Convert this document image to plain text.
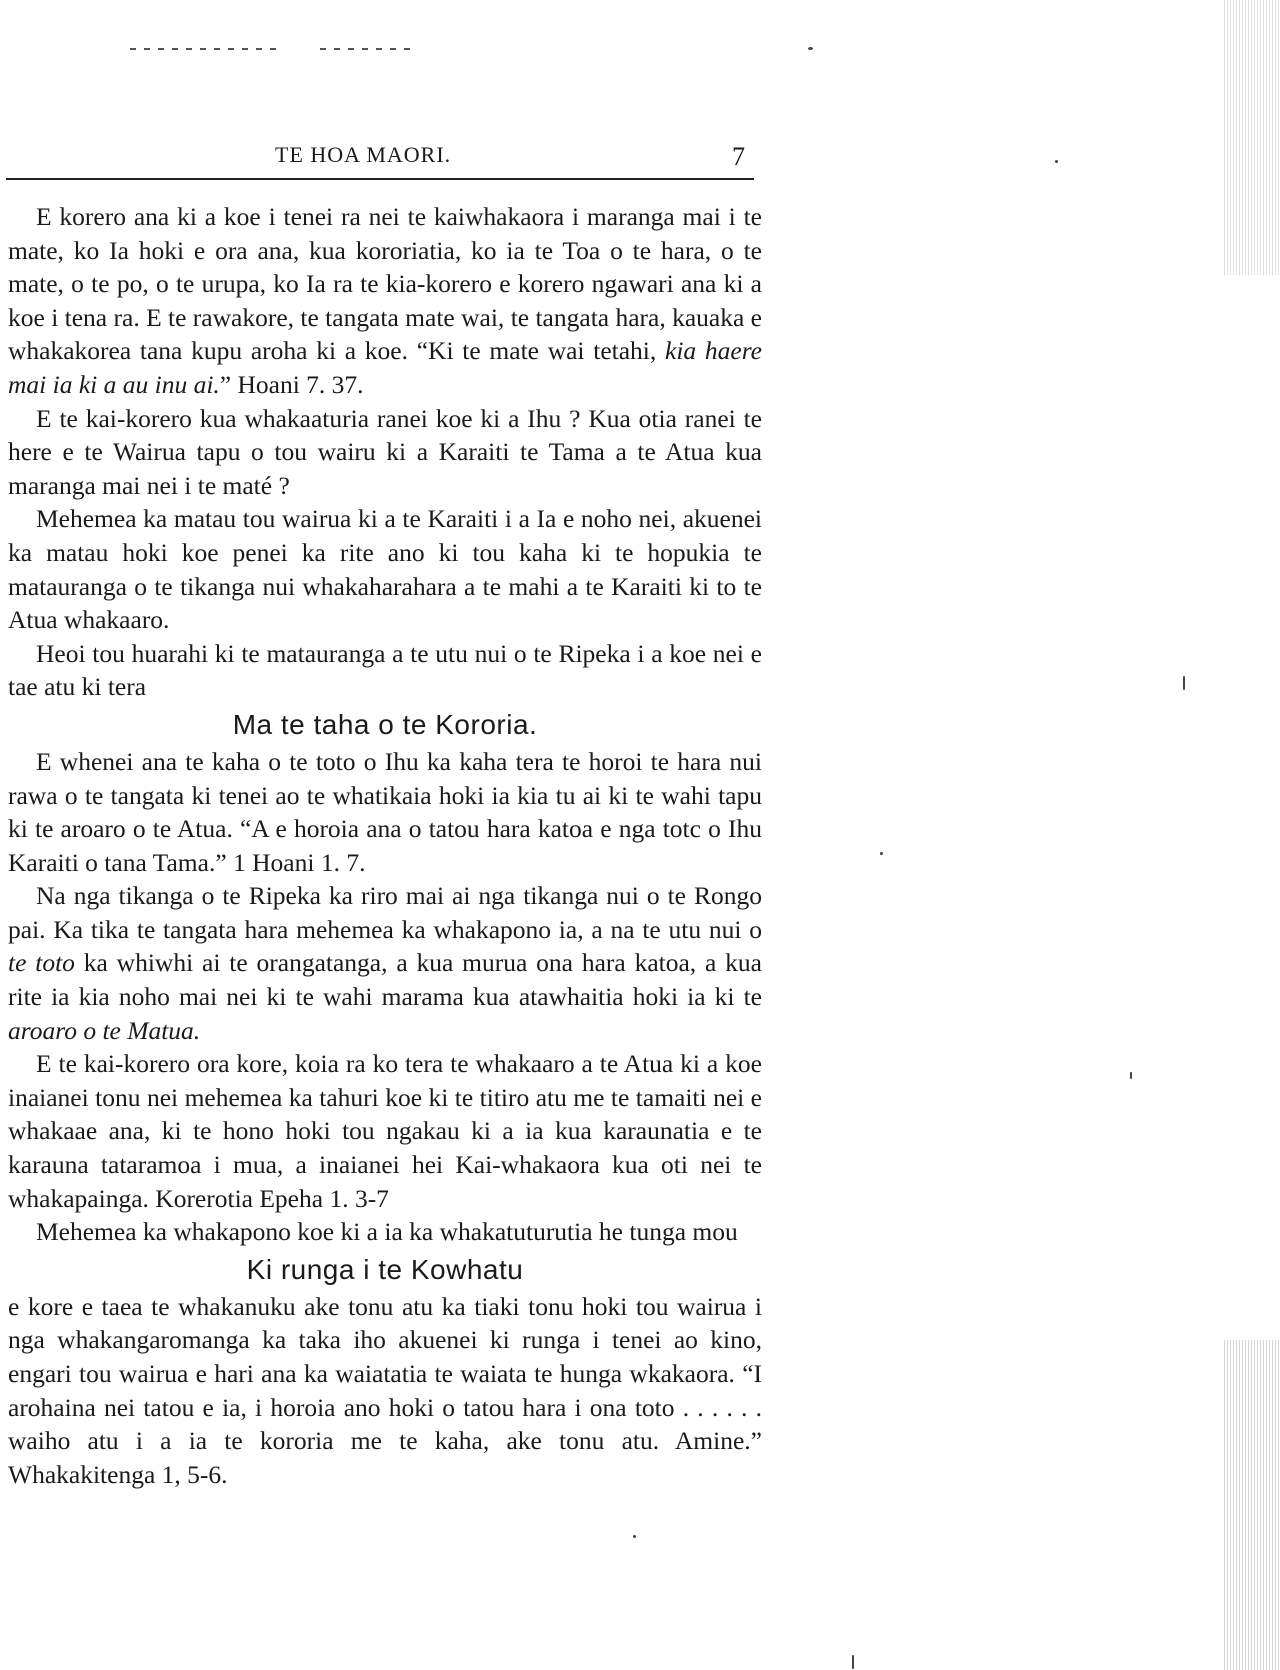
TE HOA MAORI.	7

E korero ana ki a koe i tenei ra nei te kaiwhakaora i maranga mai i te mate, ko Ia hoki e ora ana, kua kororiatia, ko ia te Toa o te hara, o te mate, o te po, o te urupa, ko Ia ra te kia-korero e korero ngawari ana ki a koe i tena ra. E te rawakore, te tangata mate wai, te tangata hara, kauaka e whakakorea tana kupu aroha ki a koe. “Ki te mate wai tetahi, kia haere mai ia ki a au inu ai.” Hoani 7. 37.

E te kai-korero kua whakaaturia ranei koe ki a Ihu ? Kua otia ranei te here e te Wairua tapu o tou wairu ki a Karaiti te Tama a te Atua kua maranga mai nei i te maté ?

Mehemea ka matau tou wairua ki a te Karaiti i a Ia e noho nei, akuenei ka matau hoki koe penei ka rite ano ki tou kaha ki te hopukia te matauranga o te tikanga nui whakaharahara a te mahi a te Karaiti ki to te Atua whakaaro.

Heoi tou huarahi ki te matauranga a te utu nui o te Ripeka i a koe nei e tae atu ki tera

Ma te taha o te Kororia.

E whenei ana te kaha o te toto o Ihu ka kaha tera te horoi te hara nui rawa o te tangata ki tenei ao te whatikaia hoki ia kia tu ai ki te wahi tapu ki te aroaro o te Atua. “A e horoia ana o tatou hara katoa e nga totc o Ihu Karaiti o tana Tama.” 1 Hoani 1. 7.

Na nga tikanga o te Ripeka ka riro mai ai nga tikanga nui o te Rongo pai. Ka tika te tangata hara mehemea ka whakapono ia, a na te utu nui o te toto ka whiwhi ai te orangatanga, a kua murua ona hara katoa, a kua rite ia kia noho mai nei ki te wahi marama kua atawhaitia hoki ia ki te aroaro o te Matua.

E te kai-korero ora kore, koia ra ko tera te whakaaro a te Atua ki a koe inaianei tonu nei mehemea ka tahuri koe ki te titiro atu me te tamaiti nei e whakaae ana, ki te hono hoki tou ngakau ki a ia kua karaunatia e te karauna tataramoa i mua, a inaianei hei Kai-whakaora kua oti nei te whakapainga. Korerotia Epeha 1. 3-7

Mehemea ka whakapono koe ki a ia ka whakatuturutia he tunga mou

Ki runga i te Kowhatu

e kore e taea te whakanuku ake tonu atu ka tiaki tonu hoki tou wairua i nga whakangaromanga ka taka iho akuenei ki runga i tenei ao kino, engari tou wairua e hari ana ka waiatatia te waiata te hunga wkakaora. “I arohaina nei tatou e ia, i horoia ano hoki o tatou hara i ona toto . . . . . . waiho atu i a ia te kororia me te kaha, ake tonu atu. Amine.” Whakakitenga 1, 5-6.
